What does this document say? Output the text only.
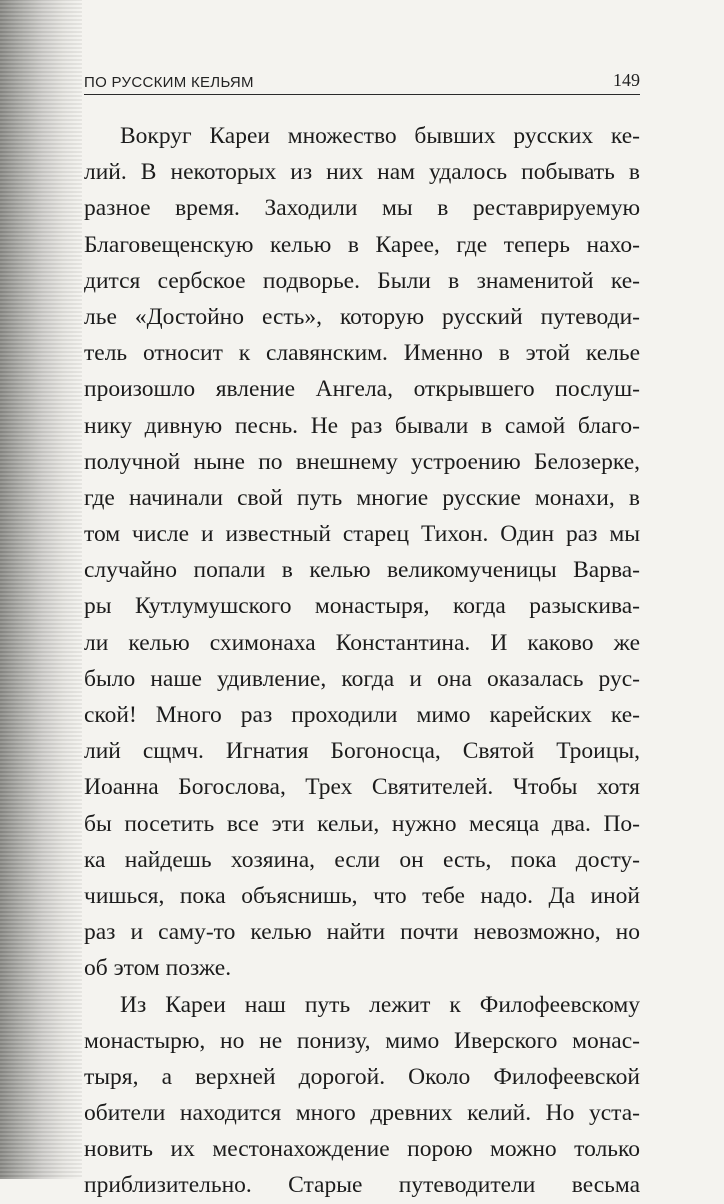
ПО РУССКИМ КЕЛЬЯМ	149
Вокруг Кареи множество бывших русских ке-
лий. В некоторых из них нам удалось побывать в
разное время. Заходили мы в реставрируемую
Благовещенскую келью в Карее, где теперь нахо-
дится сербское подворье. Были в знаменитой ке-
лье «Достойно есть», которую русский путеводи-
тель относит к славянским. Именно в этой келье
произошло явление Ангела, открывшего послуш-
нику дивную песнь. Не раз бывали в самой благо-
получной ныне по внешнему устроению Белозерке,
где начинали свой путь многие русские монахи, в
том числе и известный старец Тихон. Один раз мы
случайно попали в келью великомученицы Варва-
ры Кутлумушского монастыря, когда разыскива-
ли келью схимонаха Константина. И каково же
было наше удивление, когда и она оказалась рус-
ской! Много раз проходили мимо карейских ке-
лий сщмч. Игнатия Богоносца, Святой Троицы,
Иоанна Богослова, Трех Святителей. Чтобы хотя
бы посетить все эти кельи, нужно месяца два. По-
ка найдешь хозяина, если он есть, пока досту-
чишься, пока объяснишь, что тебе надо. Да иной
раз и саму-то келью найти почти невозможно, но
об этом позже.
Из Кареи наш путь лежит к Филофеевскому
монастырю, но не понизу, мимо Иверского монас-
тыря, а верхней дорогой. Около Филофеевской
обители находится много древних келий. Но уста-
новить их местонахождение порою можно только
приблизительно. Старые путеводители весьма
